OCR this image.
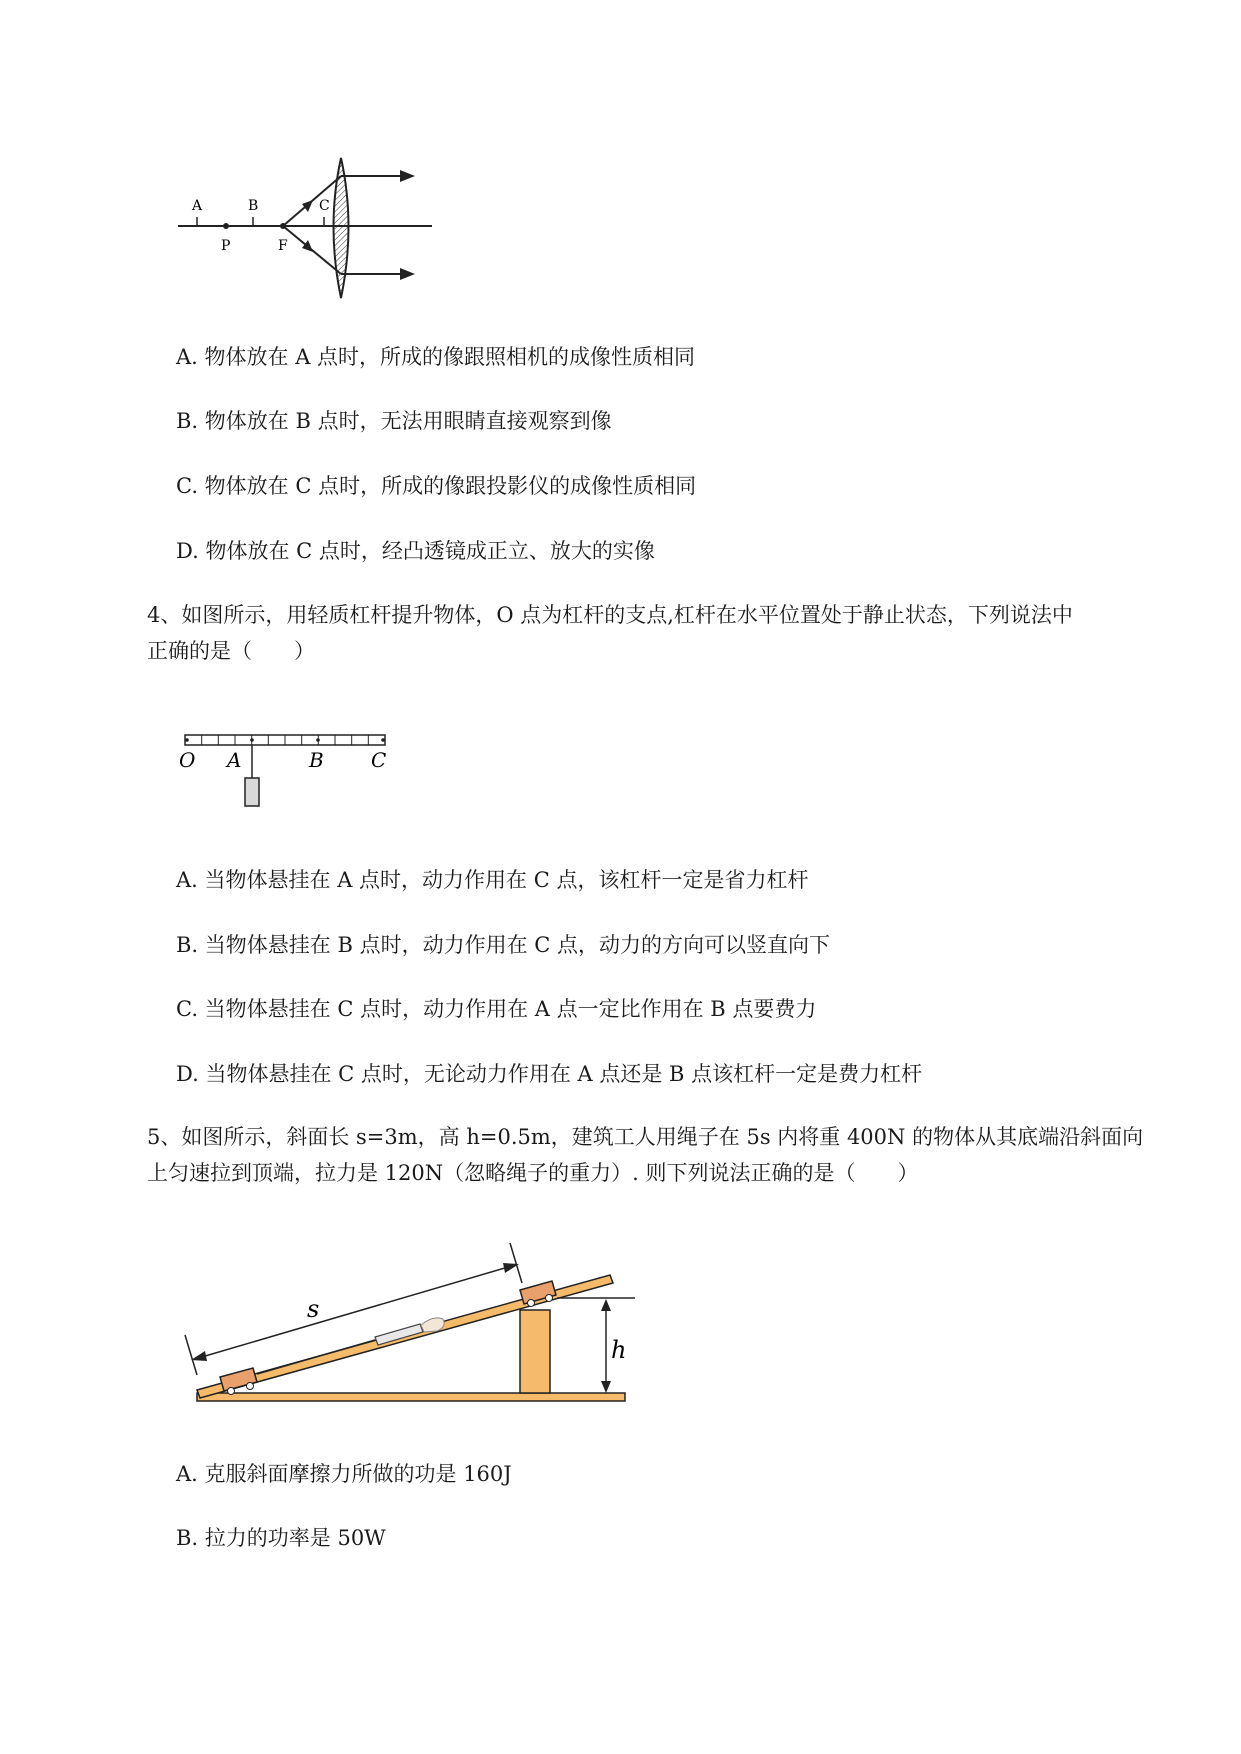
A	B	C
P	F
A. 物体放在 A 点时，所成的像跟照相机的成像性质相同
B. 物体放在 B 点时，无法用眼睛直接观察到像
C. 物体放在 C 点时，所成的像跟投影仪的成像性质相同
D. 物体放在 C 点时，经凸透镜成正立、放大的实像
4、如图所示，用轻质杠杆提升物体，O 点为杠杆的支点,杠杆在水平位置处于静止状态，下列说法中
正确的是（　　）
O A	B C
A. 当物体悬挂在 A 点时，动力作用在 C 点，该杠杆一定是省力杠杆
B. 当物体悬挂在 B 点时，动力作用在 C 点，动力的方向可以竖直向下
C. 当物体悬挂在 C 点时，动力作用在 A 点一定比作用在 B 点要费力
D. 当物体悬挂在 C 点时，无论动力作用在 A 点还是 B 点该杠杆一定是费力杠杆
5、如图所示，斜面长 s=3m，高 h=0.5m，建筑工人用绳子在 5s 内将重 400N 的物体从其底端沿斜面向
上匀速拉到顶端，拉力是 120N（忽略绳子的重力）. 则下列说法正确的是（　　）
s
h
A. 克服斜面摩擦力所做的功是 160J
B. 拉力的功率是 50W
